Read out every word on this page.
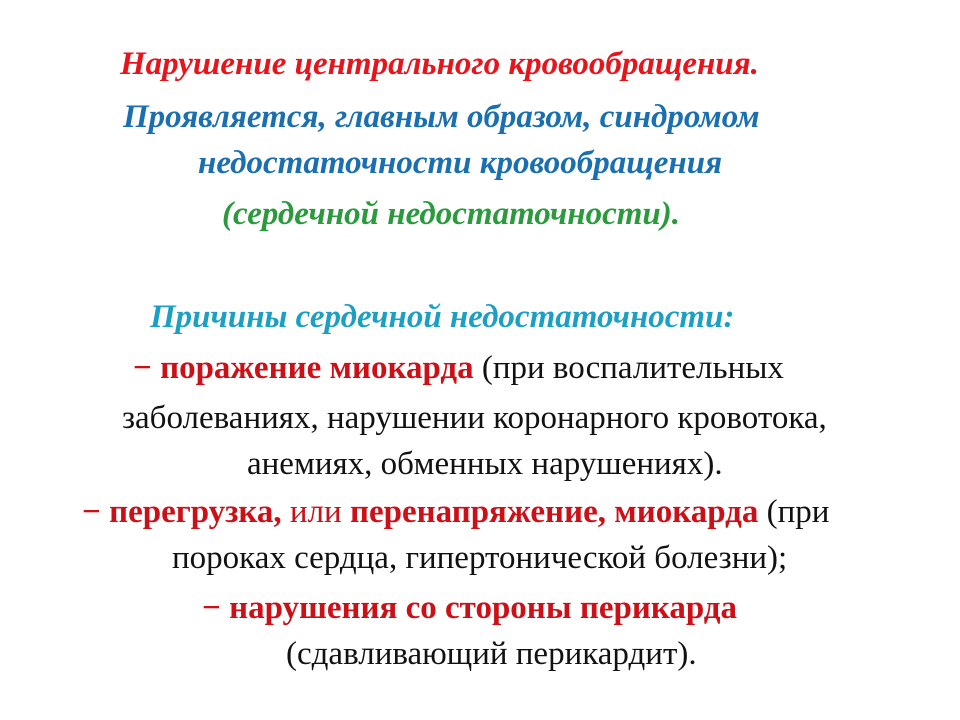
Нарушение центрального кровообращения.
Проявляется, главным образом, синдромом
недостаточности кровообращения
(сердечной недостаточности).
Причины сердечной недостаточности:
− поражение миокарда (при воспалительных
заболеваниях, нарушении коронарного кровотока,
анемиях, обменных нарушениях).
− перегрузка, или перенапряжение, миокарда (при
пороках сердца, гипертонической болезни);
− нарушения со стороны перикарда
(сдавливающий перикардит).
